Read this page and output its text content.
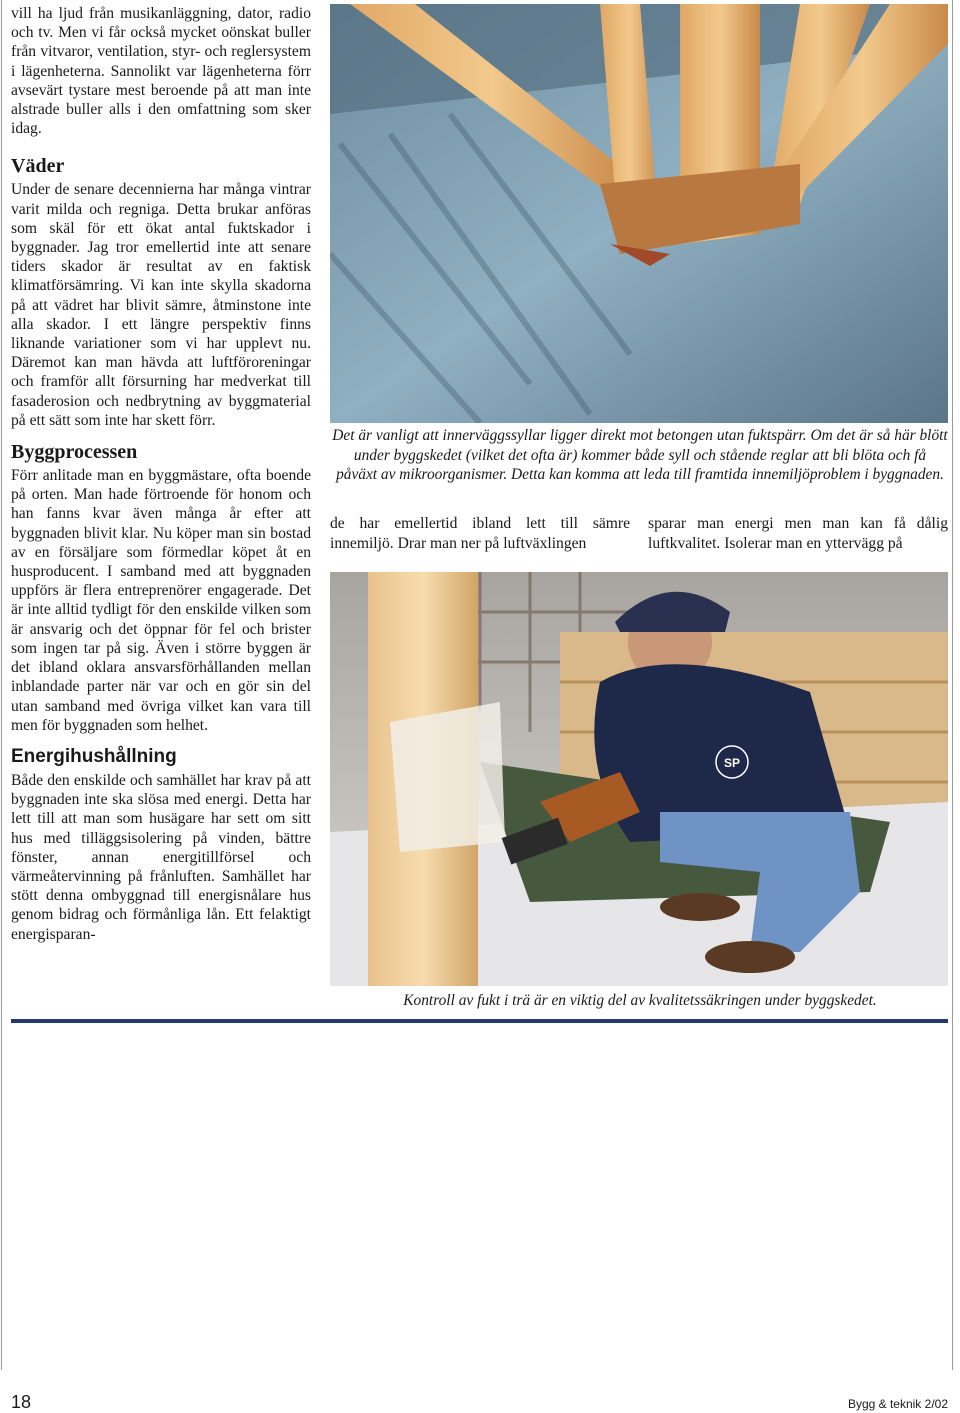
vill ha ljud från musikanläggning, dator, radio och tv. Men vi får också mycket oönskat buller från vitvaror, ventilation, styr- och reglersystem i lägenheterna. Sannolikt var lägenheterna förr avsevärt tystare mest beroende på att man inte alstrade buller alls i den omfattning som sker idag.

Väder

Under de senare decennierna har många vintrar varit milda och regniga. Detta brukar anföras som skäl för ett ökat antal fuktskador i byggnader. Jag tror emellertid inte att senare tiders skador är resultat av en faktisk klimatförsämring. Vi kan inte skylla skadorna på att vädret har blivit sämre, åtminstone inte alla skador. I ett längre perspektiv finns liknande variationer som vi har upplevt nu. Däremot kan man hävda att luftföroreningar och framför allt försurning har medverkat till fasaderosion och nedbrytning av byggmaterial på ett sätt som inte har skett förr.

Byggprocessen

Förr anlitade man en byggmästare, ofta boende på orten. Man hade förtroende för honom och han fanns kvar även många år efter att byggnaden blivit klar. Nu köper man sin bostad av en försäljare som förmedlar köpet åt en husproducent. I samband med att byggnaden uppförs är flera entreprenörer engagerade. Det är inte alltid tydligt för den enskilde vilken som är ansvarig och det öppnar för fel och brister som ingen tar på sig. Även i större byggen är det ibland oklara ansvarsförhållanden mellan inblandade parter när var och en gör sin del utan samband med övriga vilket kan vara till men för byggnaden som helhet.

Energihushållning

Både den enskilde och samhället har krav på att byggnaden inte ska slösa med energi. Detta har lett till att man som husägare har sett om sitt hus med tilläggsisolering på vinden, bättre fönster, annan energitillförsel och värmeåtervinning på frånluften. Samhället har stött denna ombyggnad till energisnålare hus genom bidrag och förmånliga lån. Ett felaktigt energisparan-

Det är vanligt att innerväggssyllar ligger direkt mot betongen utan fuktspärr. Om det är så här blött under byggskedet (vilket det ofta är) kommer både syll och stående reglar att bli blöta och få påväxt av mikroorganismer. Detta kan komma att leda till framtida innemiljöproblem i byggnaden.
de har emellertid ibland lett till sämre innemiljö. Drar man ner på luftväxlingen
sparar man energi men man kan få dålig luftkvalitet. Isolerar man en yttervägg på
SP
Kontroll av fukt i trä är en viktig del av kvalitetssäkringen under byggskedet.
18	Bygg & teknik 2/02
